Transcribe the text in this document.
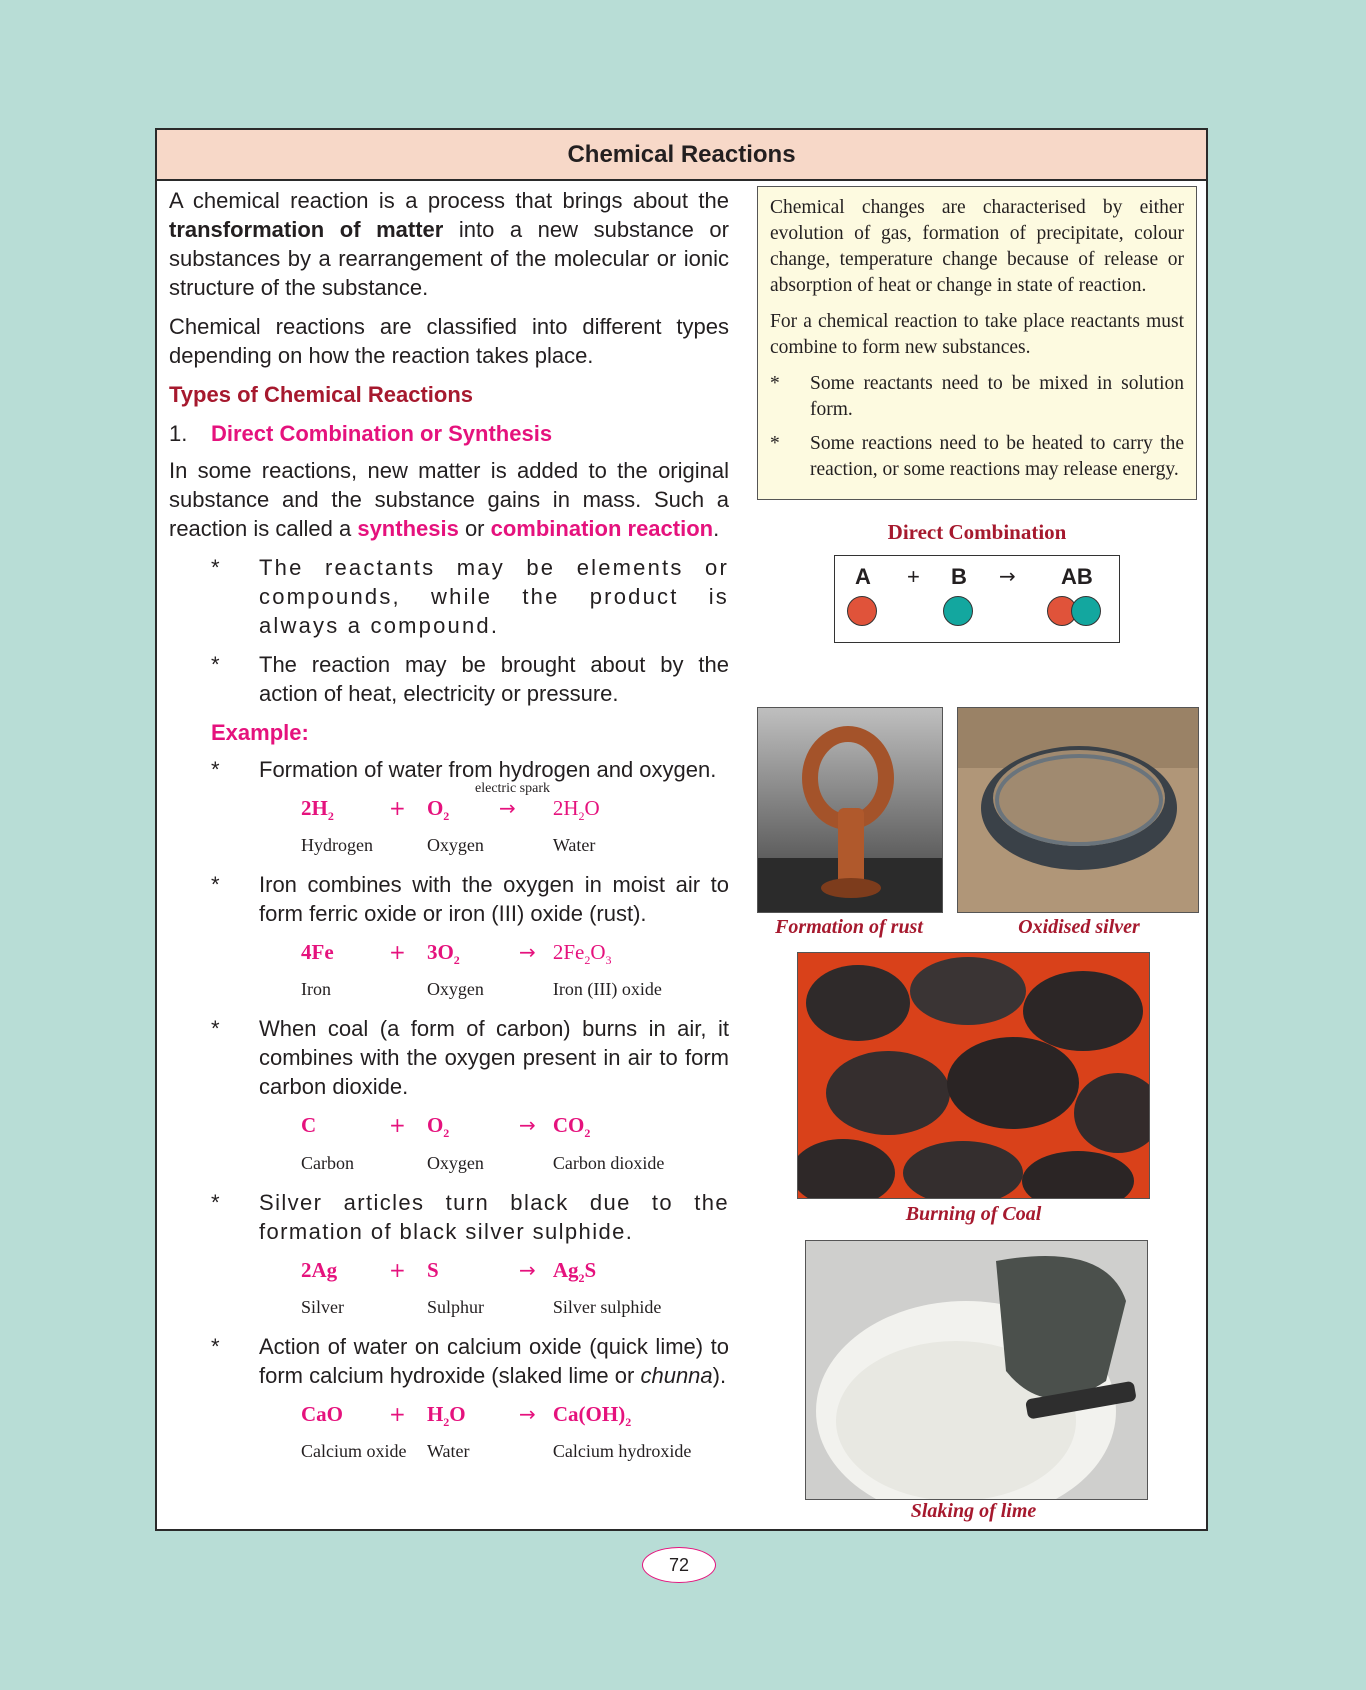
Chemical Reactions

A chemical reaction is a process that brings about the transformation of matter into a new substance or substances by a rearrangement of the molecular or ionic structure of the substance.

Chemical reactions are classified into different types depending on how the reaction takes place.

Types of Chemical Reactions
1.	Direct Combination or Synthesis

In some reactions, new matter is added to the original substance and the substance gains in mass. Such a reaction is called a synthesis or combination reaction.

*	The reactants may be elements or compounds, while the product is always a compound.
*	The reaction may be brought about by the action of heat, electricity or pressure.
Example:
*	Formation of water from hydrogen and oxygen.
electric spark
$2H_2$	$O_2$	$2H_2O$
+	→
Hydrogen	Oxygen	Water
*	Iron combines with the oxygen in moist air to form ferric oxide or iron (III) oxide (rust).
4Fe	$3O_2$	$2Fe_2O_3$
+	→
Iron	Oxygen	Iron (III) oxide
*	When coal (a form of carbon) burns in air, it combines with the oxygen present in air to form carbon dioxide.
C	$O_2$	$CO_2$
+	→
Carbon	Oxygen	Carbon dioxide
*	Silver articles turn black due to the formation of black silver sulphide.
2Ag	S	$Ag_2S$
+	→
Silver	Sulphur	Silver sulphide
*	Action of water on calcium oxide (quick lime) to form calcium hydroxide (slaked lime or chunna).
CaO	$H_2O$	$Ca(OH)_2$
+	→
Calcium oxide	Water	Calcium hydroxide

Chemical changes are characterised by either evolution of gas, formation of precipitate, colour change, temperature change because of release or absorption of heat or change in state of reaction.

For a chemical reaction to take place reactants must combine to form new substances.

*	Some reactants need to be mixed in solution form.
*	Some reactions need to be heated to carry the reaction, or some reactions may release energy.
Direct Combination
A + B → AB
Formation of rust	Oxidised silver
Burning of Coal
Slaking of lime
72
